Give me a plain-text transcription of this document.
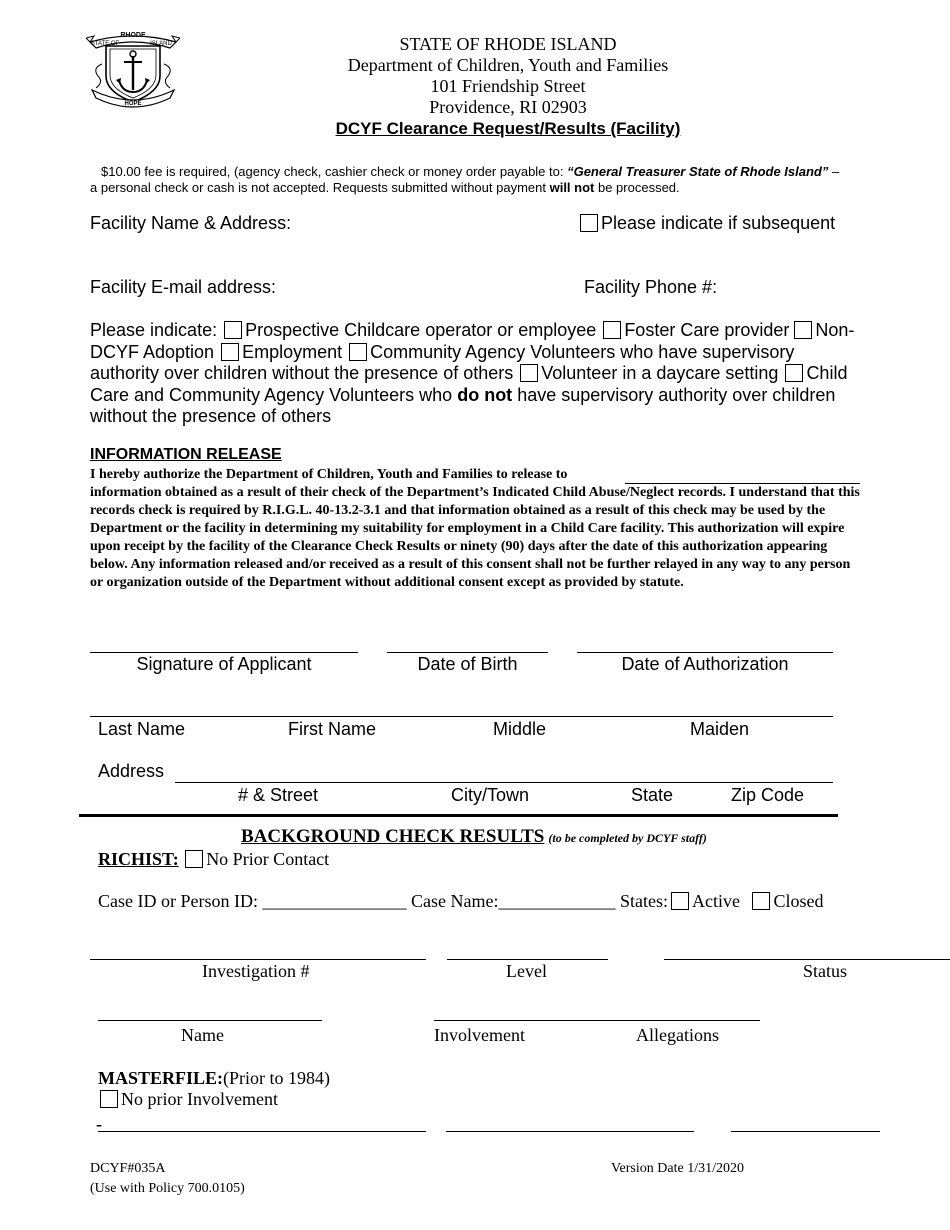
RHODE
STATE OF	ISLAND
HOPE
STATE OF RHODE ISLAND
Department of Children, Youth and Families
101 Friendship Street
Providence, RI 02903
DCYF Clearance Request/Results (Facility)
$10.00 fee is required, (agency check, cashier check or money order payable to: “General Treasurer State of Rhode Island” – a personal check or cash is not accepted. Requests submitted without payment will not be processed.
Facility Name & Address:	Please indicate if subsequent
Facility E-mail address:	Facility Phone #:
Please indicate: Prospective Childcare operator or employee Foster Care provider Non-DCYF Adoption Employment Community Agency Volunteers who have supervisory authority over children without the presence of others Volunteer in a daycare setting Child Care and Community Agency Volunteers who do not have supervisory authority over children without the presence of others
INFORMATION RELEASE
I hereby authorize the Department of Children, Youth and Families to release to
information obtained as a result of their check of the Department’s Indicated Child Abuse/Neglect records. I understand that this records check is required by R.I.G.L. 40-13.2-3.1 and that information obtained as a result of this check may be used by the Department or the facility in determining my suitability for employment in a Child Care facility. This authorization will expire upon receipt by the facility of the Clearance Check Results or ninety (90) days after the date of this authorization appearing below. Any information released and/or received as a result of this consent shall not be further relayed in any way to any person or organization outside of the Department without additional consent except as provided by statute.
Signature of Applicant	Date of Birth	Date of Authorization
Last Name	First Name	Middle	Maiden
Address
# & Street	City/Town	State	Zip Code
BACKGROUND CHECK RESULTS (to be completed by DCYF staff)
RICHIST: No Prior Contact
Case ID or Person ID: ________________ Case Name:_____________ States: Active Closed
Investigation #	Level	Status
Name	Involvement	Allegations
MASTERFILE:(Prior to 1984)
No prior Involvement
-
DCYF#035A
(Use with Policy 700.0105)
Version Date 1/31/2020
